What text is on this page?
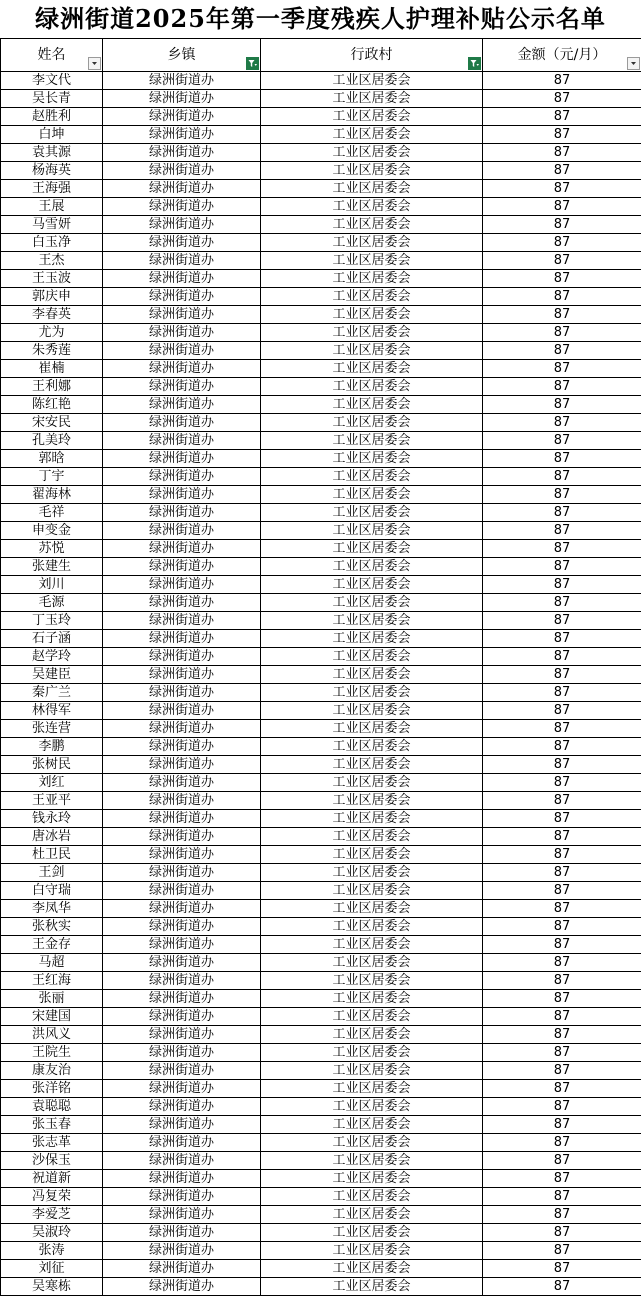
绿洲街道2025年第一季度残疾人护理补贴公示名单
姓名	乡镇	行政村	金额（元/月）

李文代	绿洲街道办	工业区居委会	87
吴长青	绿洲街道办	工业区居委会	87
赵胜利	绿洲街道办	工业区居委会	87
白坤	绿洲街道办	工业区居委会	87
袁其源	绿洲街道办	工业区居委会	87
杨海英	绿洲街道办	工业区居委会	87
王海强	绿洲街道办	工业区居委会	87
王展	绿洲街道办	工业区居委会	87
马雪妍	绿洲街道办	工业区居委会	87
白玉净	绿洲街道办	工业区居委会	87
王杰	绿洲街道办	工业区居委会	87
王玉波	绿洲街道办	工业区居委会	87
郭庆申	绿洲街道办	工业区居委会	87
李春英	绿洲街道办	工业区居委会	87
尤为	绿洲街道办	工业区居委会	87
朱秀莲	绿洲街道办	工业区居委会	87
崔楠	绿洲街道办	工业区居委会	87
王利娜	绿洲街道办	工业区居委会	87
陈红艳	绿洲街道办	工业区居委会	87
宋安民	绿洲街道办	工业区居委会	87
孔美玲	绿洲街道办	工业区居委会	87
郭晗	绿洲街道办	工业区居委会	87
丁宇	绿洲街道办	工业区居委会	87
翟海林	绿洲街道办	工业区居委会	87
毛祥	绿洲街道办	工业区居委会	87
申变金	绿洲街道办	工业区居委会	87
苏悦	绿洲街道办	工业区居委会	87
张建生	绿洲街道办	工业区居委会	87
刘川	绿洲街道办	工业区居委会	87
毛源	绿洲街道办	工业区居委会	87
丁玉玲	绿洲街道办	工业区居委会	87
石子涵	绿洲街道办	工业区居委会	87
赵学玲	绿洲街道办	工业区居委会	87
吴建臣	绿洲街道办	工业区居委会	87
秦广兰	绿洲街道办	工业区居委会	87
林得军	绿洲街道办	工业区居委会	87
张连营	绿洲街道办	工业区居委会	87
李鹏	绿洲街道办	工业区居委会	87
张树民	绿洲街道办	工业区居委会	87
刘红	绿洲街道办	工业区居委会	87
王亚平	绿洲街道办	工业区居委会	87
钱永玲	绿洲街道办	工业区居委会	87
唐冰岩	绿洲街道办	工业区居委会	87
杜卫民	绿洲街道办	工业区居委会	87
王剑	绿洲街道办	工业区居委会	87
白守瑞	绿洲街道办	工业区居委会	87
李凤华	绿洲街道办	工业区居委会	87
张秋实	绿洲街道办	工业区居委会	87
王金存	绿洲街道办	工业区居委会	87
马超	绿洲街道办	工业区居委会	87
王红海	绿洲街道办	工业区居委会	87
张丽	绿洲街道办	工业区居委会	87
宋建国	绿洲街道办	工业区居委会	87
洪风义	绿洲街道办	工业区居委会	87
王院生	绿洲街道办	工业区居委会	87
康友治	绿洲街道办	工业区居委会	87
张洋铭	绿洲街道办	工业区居委会	87
袁聪聪	绿洲街道办	工业区居委会	87
张玉春	绿洲街道办	工业区居委会	87
张志革	绿洲街道办	工业区居委会	87
沙保玉	绿洲街道办	工业区居委会	87
祝道新	绿洲街道办	工业区居委会	87
冯复荣	绿洲街道办	工业区居委会	87
李爱芝	绿洲街道办	工业区居委会	87
吴淑玲	绿洲街道办	工业区居委会	87
张涛	绿洲街道办	工业区居委会	87
刘征	绿洲街道办	工业区居委会	87
吴寒栋	绿洲街道办	工业区居委会	87
